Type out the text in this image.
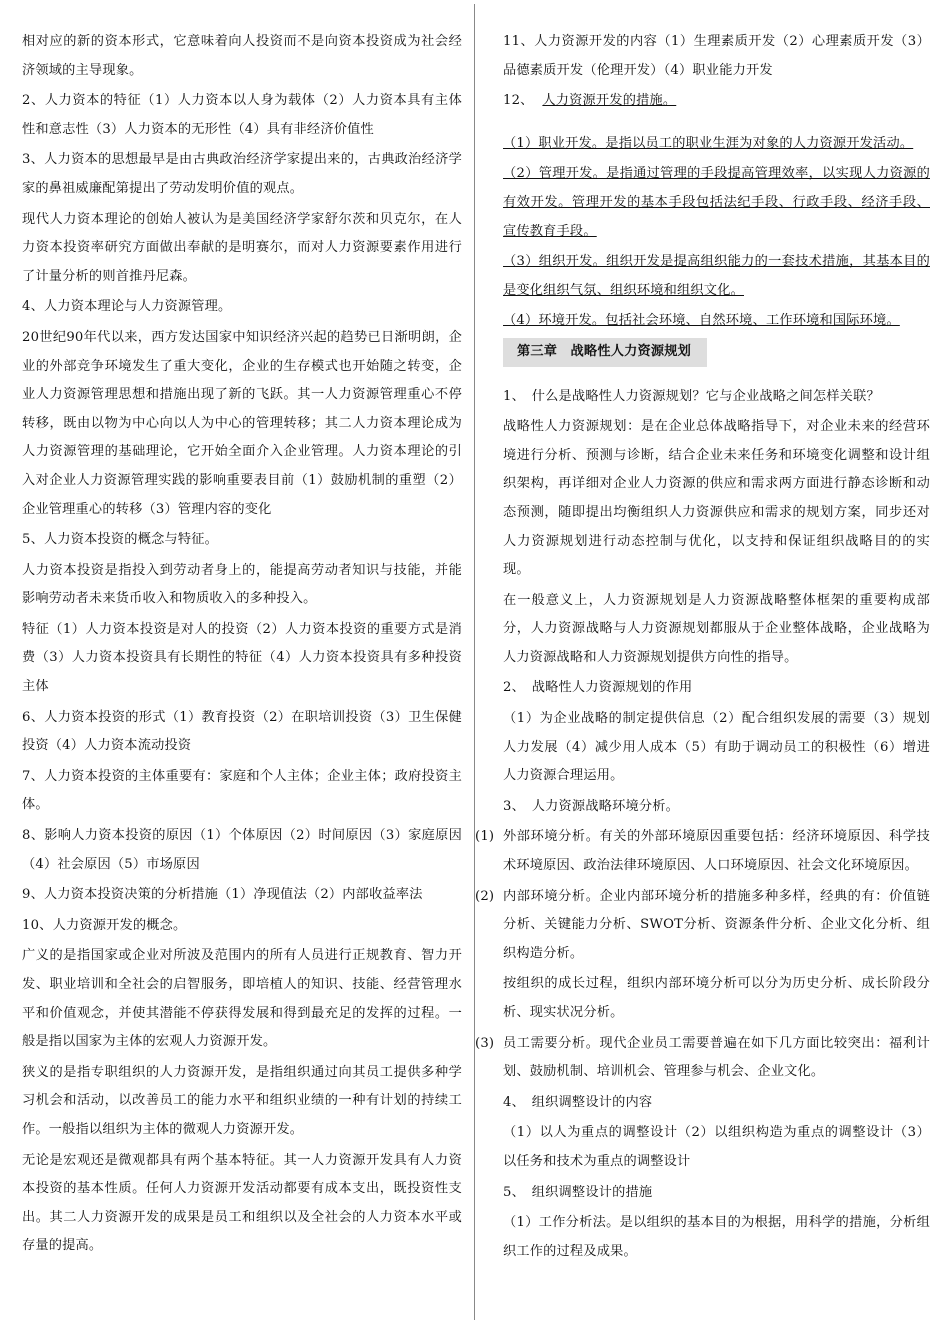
相对应的新的资本形式，它意味着向人投资而不是向资本投资成为社会经济领域的主导现象。

2、人力资本的特征（1）人力资本以人身为载体（2）人力资本具有主体性和意志性（3）人力资本的无形性（4）具有非经济价值性

3、人力资本的思想最早是由古典政治经济学家提出来的，古典政治经济学家的鼻祖威廉配第提出了劳动发明价值的观点。

现代人力资本理论的创始人被认为是美国经济学家舒尔茨和贝克尔，在人力资本投资率研究方面做出奉献的是明赛尔，而对人力资源要素作用进行了计量分析的则首推丹尼森。

4、人力资本理论与人力资源管理。

20世纪90年代以来，西方发达国家中知识经济兴起的趋势已日渐明朗，企业的外部竞争环境发生了重大变化，企业的生存模式也开始随之转变，企业人力资源管理思想和措施出现了新的飞跃。其一人力资源管理重心不停转移，既由以物为中心向以人为中心的管理转移；其二人力资本理论成为人力资源管理的基础理论，它开始全面介入企业管理。人力资本理论的引入对企业人力资源管理实践的影响重要表目前（1）鼓励机制的重塑（2）企业管理重心的转移（3）管理内容的变化

5、人力资本投资的概念与特征。

人力资本投资是指投入到劳动者身上的，能提高劳动者知识与技能，并能影响劳动者未来货币收入和物质收入的多种投入。

特征（1）人力资本投资是对人的投资（2）人力资本投资的重要方式是消费（3）人力资本投资具有长期性的特征（4）人力资本投资具有多种投资主体

6、人力资本投资的形式（1）教育投资（2）在职培训投资（3）卫生保健投资（4）人力资本流动投资

7、人力资本投资的主体重要有：家庭和个人主体；企业主体；政府投资主体。

8、影响人力资本投资的原因（1）个体原因（2）时间原因（3）家庭原因（4）社会原因（5）市场原因

9、人力资本投资决策的分析措施（1）净现值法（2）内部收益率法

10、人力资源开发的概念。

广义的是指国家或企业对所波及范围内的所有人员进行正规教育、智力开发、职业培训和全社会的启智服务，即培植人的知识、技能、经营管理水平和价值观念，并使其潜能不停获得发展和得到最充足的发挥的过程。一般是指以国家为主体的宏观人力资源开发。

狭义的是指专职组织的人力资源开发，是指组织通过向其员工提供多种学习机会和活动，以改善员工的能力水平和组织业绩的一种有计划的持续工作。一般指以组织为主体的微观人力资源开发。

无论是宏观还是微观都具有两个基本特征。其一人力资源开发具有人力资本投资的基本性质。任何人力资源开发活动都要有成本支出，既投资性支出。其二人力资源开发的成果是员工和组织以及全社会的人力资本水平或存量的提高。

11、人力资源开发的内容（1）生理素质开发（2）心理素质开发（3）品德素质开发（伦理开发）（4）职业能力开发

12、 人力资源开发的措施。

（1）职业开发。是指以员工的职业生涯为对象的人力资源开发活动。

（2）管理开发。是指通过管理的手段提高管理效率，以实现人力资源的有效开发。管理开发的基本手段包括法纪手段、行政手段、经济手段、宣传教育手段。

（3）组织开发。组织开发是提高组织能力的一套技术措施，其基本目的是变化组织气氛、组织环境和组织文化。

（4）环境开发。包括社会环境、自然环境、工作环境和国际环境。

第三章　战略性人力资源规划

1、　什么是战略性人力资源规划？它与企业战略之间怎样关联？

战略性人力资源规划：是在企业总体战略指导下，对企业未来的经营环境进行分析、预测与诊断，结合企业未来任务和环境变化调整和设计组织架构，再详细对企业人力资源的供应和需求两方面进行静态诊断和动态预测，随即提出均衡组织人力资源供应和需求的规划方案，同步还对人力资源规划进行动态控制与优化，以支持和保证组织战略目的的实现。

在一般意义上，人力资源规划是人力资源战略整体框架的重要构成部分，人力资源战略与人力资源规划都服从于企业整体战略，企业战略为人力资源战略和人力资源规划提供方向性的指导。

2、　战略性人力资源规划的作用

（1）为企业战略的制定提供信息（2）配合组织发展的需要（3）规划人力发展（4）减少用人成本（5）有助于调动员工的积极性（6）增进人力资源合理运用。

3、　人力资源战略环境分析。

(1) 外部环境分析。有关的外部环境原因重要包括：经济环境原因、科学技术环境原因、政治法律环境原因、人口环境原因、社会文化环境原因。

(2) 内部环境分析。企业内部环境分析的措施多种多样，经典的有：价值链分析、关键能力分析、SWOT分析、资源条件分析、企业文化分析、组织构造分析。

按组织的成长过程，组织内部环境分析可以分为历史分析、成长阶段分析、现实状况分析。

(3) 员工需要分析。现代企业员工需要普遍在如下几方面比较突出：福利计划、鼓励机制、培训机会、管理参与机会、企业文化。

4、　组织调整设计的内容

（1）以人为重点的调整设计（2）以组织构造为重点的调整设计（3）以任务和技术为重点的调整设计

5、　组织调整设计的措施

（1）工作分析法。是以组织的基本目的为根据，用科学的措施，分析组织工作的过程及成果。
